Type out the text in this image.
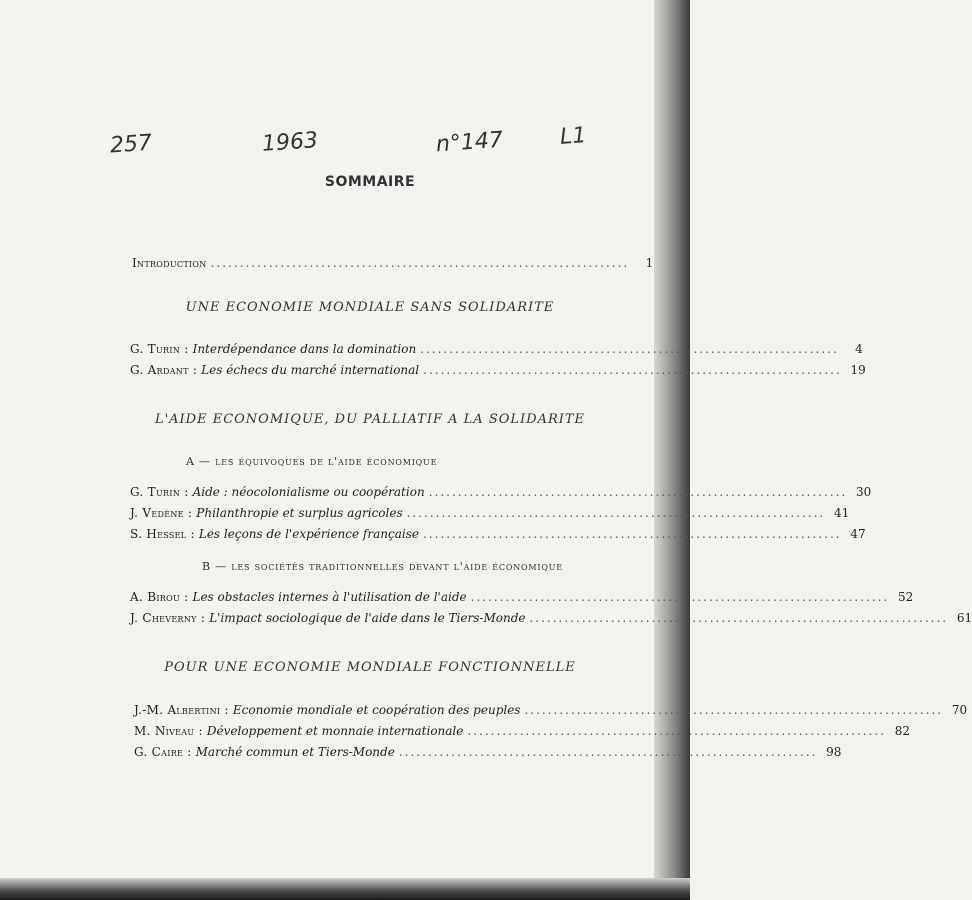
257	1963	n°147	L1
SOMMAIRE
Introduction ........................................................................	1
UNE ECONOMIE MONDIALE SANS SOLIDARITE
G. Turin : Interdépendance dans la domination ........................................................................	4
G. Ardant : Les échecs du marché international ........................................................................ 19
L'AIDE ECONOMIQUE, DU PALLIATIF A LA SOLIDARITE
A — les équivoques de l'aide économique
G. Turin : Aide : néocolonialisme ou coopération ........................................................................ 30
J. Vedène : Philanthropie et surplus agricoles ........................................................................ 41
S. Hessel : Les leçons de l'expérience française ........................................................................ 47
B — les sociétés traditionnelles devant l'aide économique
A. Birou : Les obstacles internes à l'utilisation de l'aide ........................................................................ 52
J. Cheverny : L'impact sociologique de l'aide dans le Tiers-Monde ........................................................................ 61
POUR UNE ECONOMIE MONDIALE FONCTIONNELLE
J.-M. Albertini : Economie mondiale et coopération des peuples ........................................................................ 70
M. Niveau : Développement et monnaie internationale ........................................................................ 82
G. Caire : Marché commun et Tiers-Monde ........................................................................ 98
